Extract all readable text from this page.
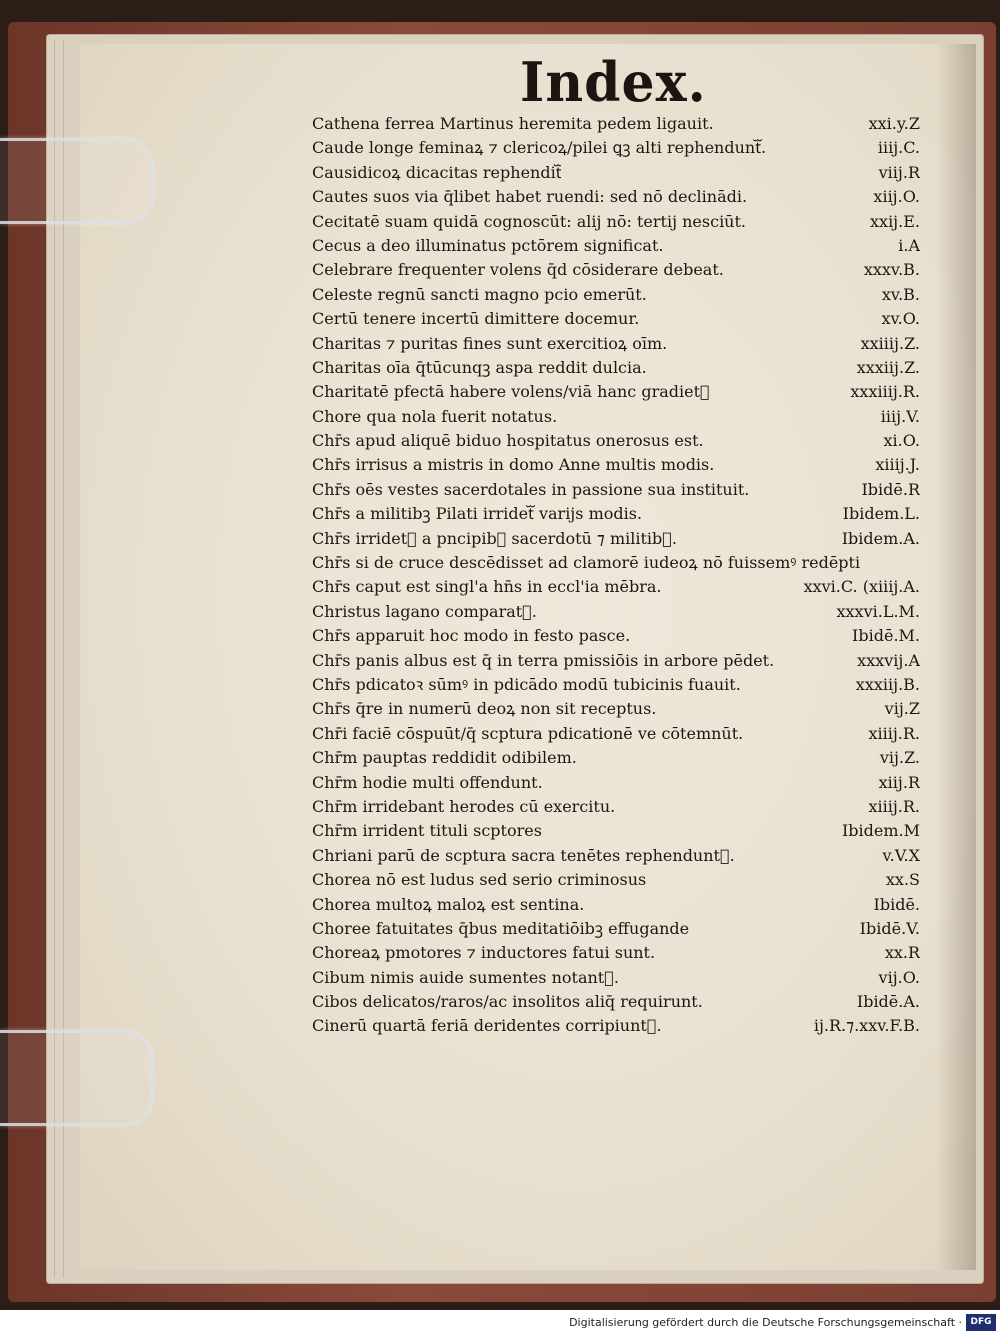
Index.
Cathena ferrea Martinus heremita pedem ligauit.	xxi.y.Z
Caude longe feminaꝝ ⁊ clericoꝝ/pilei ꝗꝫ alti rephenduntᷓ.	iiij.C.
Causidicoꝝ dicacitas rephenditᷓ	viij.R
Cautes suos via q̄libet habet ruendi: sed nō declinādi.	xiij.O.
Cecitatē suam quidā cognoscūt: alij nō: tertij nesciūt.	xxij.E.
Cecus a deo illuminatus pctōrem significat.	i.A
Celebrare frequenter volens q̄d cōsiderare debeat.	xxxv.B.
Celeste regnū sancti magno pcio emerūt.	xv.B.
Certū tenere incertū dimittere docemur.	xv.O.
Charitas ⁊ puritas fines sunt exercitioꝝ oīm.	xxiiij.Z.
Charitas oīa q̄tūcunqꝫ aspa reddit dulcia.	xxxiij.Z.
Charitatē pfectā habere volens/viā hanc gradietᷓ	xxxiiij.R.
Chore qua nola fuerit notatus.	iiij.V.
Chr̄s apud aliquē biduo hospitatus onerosus est.	xi.O.
Chr̄s irrisus a mistris in domo Anne multis modis.	xiiij.J.
Chr̄s oēs vestes sacerdotales in passione sua instituit.	Ibidē.R
Chr̄s a militibꝫ Pilati irridetᷓ varijs modis.	Ibidem.L.
Chr̄s irridetᷓ a pncipibꝫ sacerdotū ⁊ militibꝫ.	Ibidem.A.
Chr̄s si de cruce descēdisset ad clamorē iudeoꝝ nō fuissemꝰ redēpti
Chr̄s caput est singl'a hn̄s in eccl'ia mēbra.	xxvi.C. (xiiij.A.
Christus lagano comparatᷓ.	xxxvi.L.M.
Chr̄s apparuit hoc modo in festo pasce.	Ibidē.M.
Chr̄s panis albus est q̄ in terra pmissiōis in arbore pēdet.	xxxvij.A
Chr̄s pdicatoꝛ sūmꝰ in pdicādo modū tubicinis fuauit.	xxxiij.B.
Chr̄s q̄re in numerū deoꝝ non sit receptus.	vij.Z
Chr̄i faciē cōspuūt/q̄ scptura pdicationē ve cōtemnūt.	xiiij.R.
Chr̄m pauptas reddidit odibilem.	vij.Z.
Chr̄m hodie multi offendunt.	xiij.R
Chr̄m irridebant herodes cū exercitu.	xiiij.R.
Chr̄m irrident tituli scptores	Ibidem.M
Chriani parū de scptura sacra tenētes rephenduntᷓ.	v.V.X
Chorea nō est ludus sed serio criminosus	xx.S
Chorea multoꝝ maloꝝ est sentina.	Ibidē.
Choree fatuitates q̄bus meditatiōibꝫ effugande	Ibidē.V.
Choreaꝝ pmotores ⁊ inductores fatui sunt.	xx.R
Cibum nimis auide sumentes notantᷓ.	vij.O.
Cibos delicatos/raros/ac insolitos aliq̄ requirunt.	Ibidē.A.
Cinerū quartā feriā deridentes corripiuntᷓ.	ij.R.⁊.xxv.F.B.
Digitalisierung gefördert durch die Deutsche Forschungsgemeinschaft · DFG
